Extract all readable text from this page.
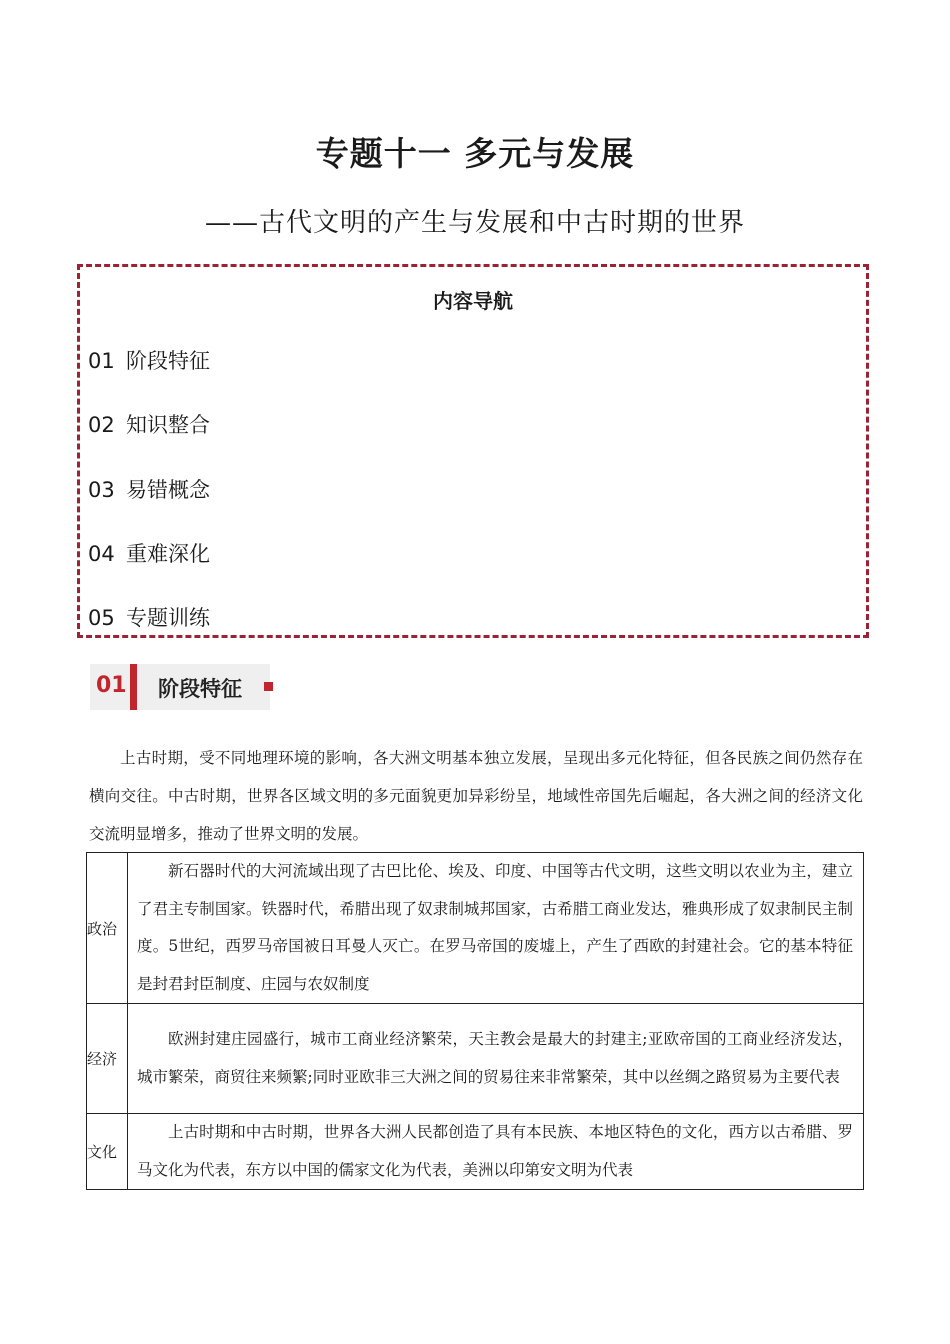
专题十一 多元与发展
——古代文明的产生与发展和中古时期的世界
内容导航
01 阶段特征
02 知识整合
03 易错概念
04 重难深化
05 专题训练
01 阶段特征

上古时期，受不同地理环境的影响，各大洲文明基本独立发展，呈现出多元化特征，但各民族之间仍然存在横向交往。中古时期，世界各区域文明的多元面貌更加异彩纷呈，地域性帝国先后崛起，各大洲之间的经济文化交流明显增多，推动了世界文明的发展。

政治	新石器时代的大河流域出现了古巴比伦、埃及、印度、中国等古代文明，这些文明以农业为主，建立了君主专制国家。铁器时代，希腊出现了奴隶制城邦国家，古希腊工商业发达，雅典形成了奴隶制民主制度。5世纪，西罗马帝国被日耳曼人灭亡。在罗马帝国的废墟上，产生了西欧的封建社会。它的基本特征是封君封臣制度、庄园与农奴制度
经济	欧洲封建庄园盛行，城市工商业经济繁荣，天主教会是最大的封建主;亚欧帝国的工商业经济发达，城市繁荣，商贸往来频繁;同时亚欧非三大洲之间的贸易往来非常繁荣，其中以丝绸之路贸易为主要代表
文化	上古时期和中古时期，世界各大洲人民都创造了具有本民族、本地区特色的文化，西方以古希腊、罗马文化为代表，东方以中国的儒家文化为代表，美洲以印第安文明为代表
